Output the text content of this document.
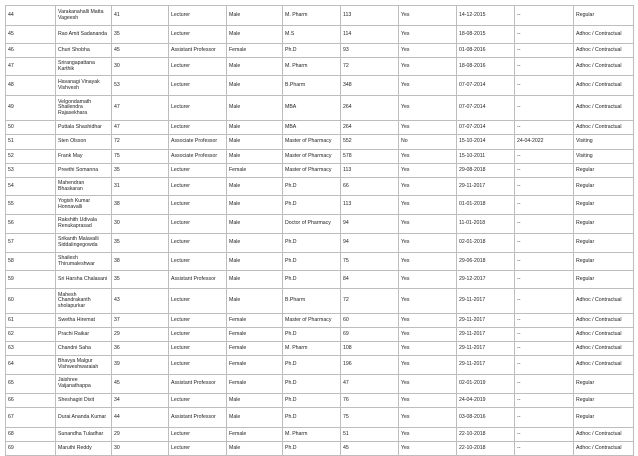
44	Varakanahalli Matta Vageesh	41	Lecturer	Male	M. Pharm	113	Yes	14-12-2015	--	Regular
45	Rao Amit Sadananda	35	Lecturer	Male	M.S	114	Yes	18-08-2015	--	Adhoc / Contractual
46	Churi Shobha	45	Assistant Professor	Female	Ph.D	93	Yes	01-08-2016	--	Adhoc / Contractual
47	Srirangapattana Karthik	30	Lecturer	Male	M. Pharm	72	Yes	18-08-2016	--	Adhoc / Contractual
48	Havanagi Vinayak Vishvesh	53	Lecturer	Male	B.Pharm	348	Yes	07-07-2014	--	Adhoc / Contractual
49	Velgondamath Shailendra Rajasekhara	47	Lecturer	Male	MBA	264	Yes	07-07-2014	--	Adhoc / Contractual
50	Puttala Shashidhar	47	Lecturer	Male	MBA	264	Yes	07-07-2014	--	Adhoc / Contractual
51	Sten Olsson	72	Associate Professor	Male	Master of Pharmacy	552	No	15-10-2014	24-04-2022	Visiting
52	Frank May	75	Associate Professor	Male	Master of Pharmacy	578	Yes	15-10-2011	--	Visiting
53	Preethi Somanna	35	Lecturer	Female	Master of Pharmacy	113	Yes	29-08-2018	--	Regular
54	Mahendran Bhaskaran	31	Lecturer	Male	Ph.D	66	Yes	29-11-2017	--	Regular
55	Yogish Kumar Honnavalli	38	Lecturer	Male	Ph.D	113	Yes	01-01-2018	--	Regular
56	Rakshith Udivala Renukaprasad	30	Lecturer	Male	Doctor of Pharmacy	94	Yes	11-01-2018	--	Regular
57	Srikanth Malavalli Siddalingegowda	35	Lecturer	Male	Ph.D	94	Yes	02-01-2018	--	Regular
58	Shailesh Thirumaleshwar	38	Lecturer	Male	Ph.D	75	Yes	29-06-2018	--	Regular
59	Sri Harsha Chalasani	35	Assistant Professor	Male	Ph.D	84	Yes	29-12-2017	--	Regular
60	Mahesh Chandrakanth sholapurkar	43	Lecturer	Male	B.Pharm	72	Yes	29-11-2017	--	Adhoc / Contractual
61	Swetha Hiremat	37	Lecturer	Female	Master of Pharmacy	60	Yes	29-11-2017	--	Adhoc / Contractual
62	Prachi Raikar	29	Lecturer	Female	Ph.D	69	Yes	29-11-2017	--	Adhoc / Contractual
63	Chandni Saha	36	Lecturer	Female	M. Pharm	108	Yes	29-11-2017	--	Adhoc / Contractual
64	Bhavya Malgur Vishweshwaraiah	39	Lecturer	Female	Ph.D	196	Yes	29-11-2017	--	Adhoc / Contractual
65	Jaishree Vaijanathappa	45	Assistant Professor	Female	Ph.D	47	Yes	02-01-2019	--	Regular
66	Sheshagiri Dixit	34	Lecturer	Male	Ph.D	76	Yes	24-04-2019	--	Regular
67	Durai Ananda Kumar	44	Assistant Professor	Male	Ph.D	75	Yes	03-08-2016	--	Regular
68	Sunandha Tuladhar	29	Lecturer	Female	M. Pharm	51	Yes	22-10-2018	--	Adhoc / Contractual
69	Maruthi Reddy	30	Lecturer	Male	Ph.D	45	Yes	22-10-2018	--	Adhoc / Contractual
